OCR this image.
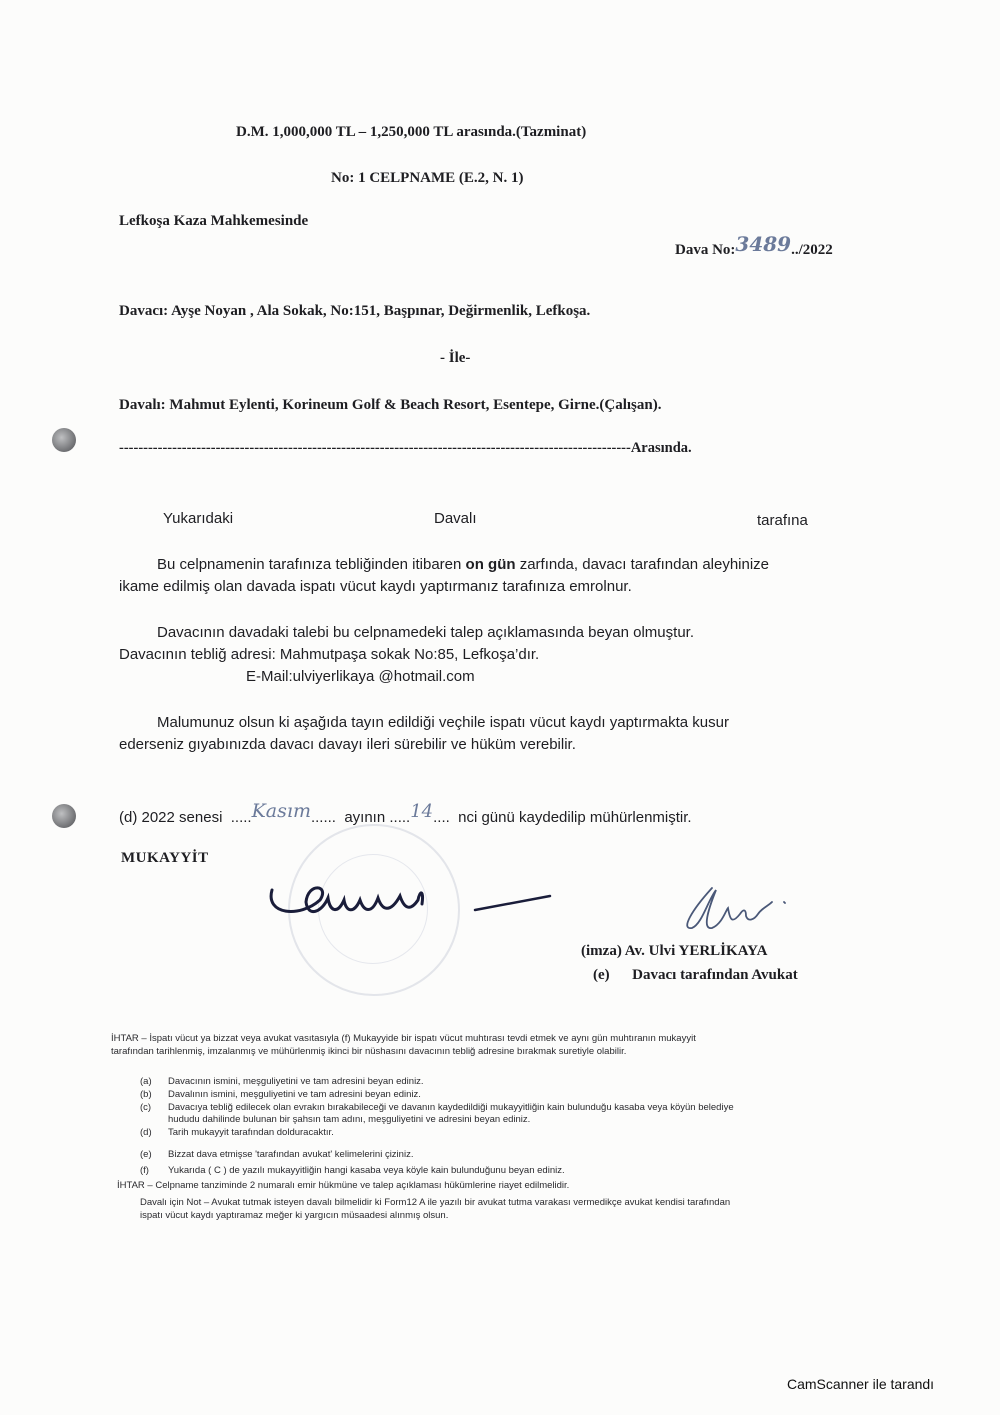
D.M. 1,000,000 TL – 1,250,000 TL arasında.(Tazminat)
No: 1 CELPNAME (E.2, N. 1)
Lefkoşa Kaza Mahkemesinde
Dava No:3489../2022
Davacı: Ayşe Noyan , Ala Sokak, No:151, Başpınar, Değirmenlik, Lefkoşa.
- İle-
Davalı: Mahmut Eylenti, Korineum Golf & Beach Resort, Esentepe, Girne.(Çalışan).
----------------------------------------------------------------------------------------------------------Arasında.
Yukarıdaki	Davalı	tarafına
Bu celpnamenin tarafınıza tebliğinden itibaren on gün zarfında, davacı tarafından aleyhinize
ikame edilmiş olan davada ispatı vücut kaydı yaptırmanız tarafınıza emrolnur.
Davacının davadaki talebi bu celpnamedeki talep açıklamasında beyan olmuştur.
Davacının tebliğ adresi: Mahmutpaşa sokak No:85, Lefkoşa’dır.
E-Mail:ulviyerlikaya @hotmail.com
Malumunuz olsun ki aşağıda tayın edildiği veçhile ispatı vücut kaydı yaptırmakta kusur
ederseniz gıyabınızda davacı davayı ileri sürebilir ve hüküm verebilir.
(d) 2022 senesi  .....Kasım......  ayının .....14....  nci günü kaydedilip mühürlenmiştir.
MUKAYYİT
(imza) Av. Ulvi YERLİKAYA
(e) Davacı tarafından Avukat
İHTAR – İspatı vücut ya bizzat veya avukat vasıtasıyla (f) Mukayyide bir ispatı vücut muhtırası tevdi etmek ve aynı gün muhtıranın mukayyit
tarafından tarihlenmiş, imzalanmış ve mühürlenmiş ikinci bir nüshasını davacının tebliğ adresine bırakmak suretiyle olabilir.
(a) Davacının ismini, meşguliyetini ve tam adresini beyan ediniz.
(b) Davalının ismini, meşguliyetini ve tam adresini beyan ediniz.
(c) Davacıya tebliğ edilecek olan evrakın bırakabileceği ve davanın kaydedildiği mukayyitliğin kain bulunduğu kasaba veya köyün belediye
hududu dahilinde bulunan bir şahsın tam adını, meşguliyetini ve adresini beyan ediniz.
(d) Tarih mukayyit tarafından dolduracaktır.
(e) Bizzat dava etmişse 'tarafından avukat' kelimelerini çiziniz.
(f) Yukarıda ( C ) de yazılı mukayyitliğin hangi kasaba veya köyle kain bulunduğunu beyan ediniz.
İHTAR – Celpname tanziminde 2 numaralı emir hükmüne ve talep açıklaması hükümlerine riayet edilmelidir.
Davalı için Not – Avukat tutmak isteyen davalı bilmelidir ki Form12 A ile yazılı bir avukat tutma varakası vermedikçe avukat kendisi tarafından
ispatı vücut kaydı yaptıramaz meğer ki yargıcın müsaadesi alınmış olsun.
CamScanner ile tarandı
